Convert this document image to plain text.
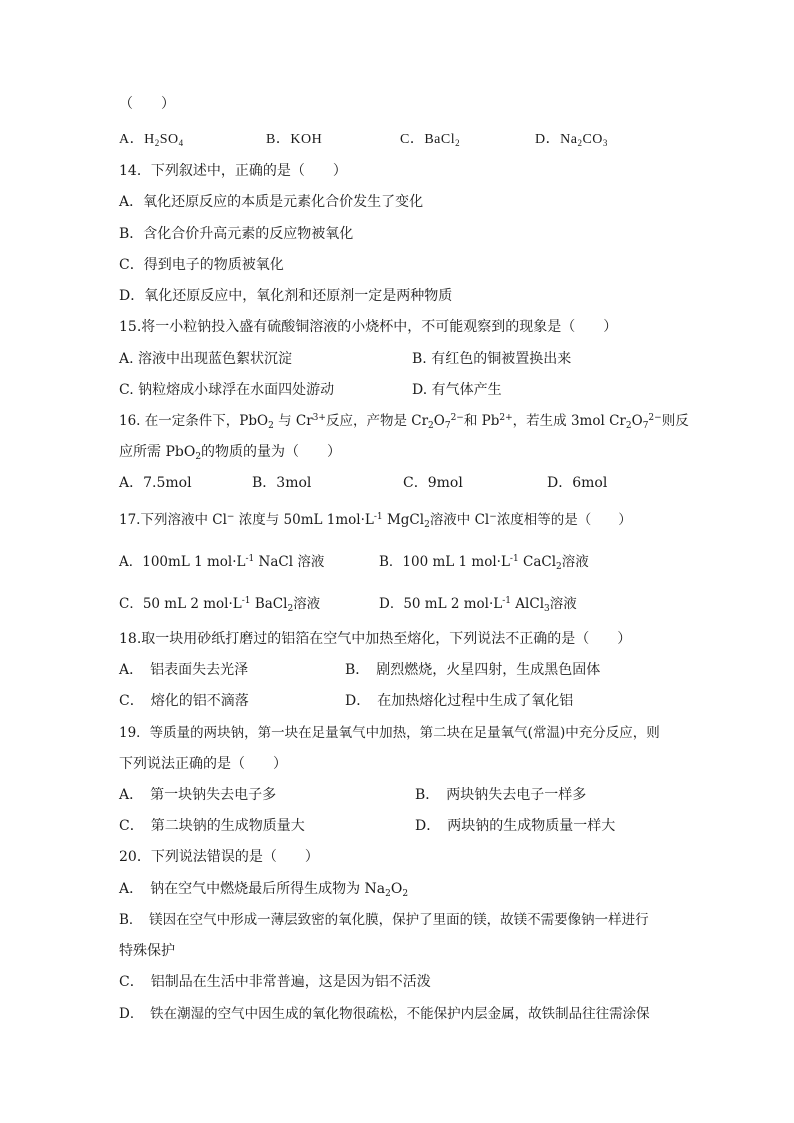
（　　）
A．$H_2SO_4$	B．KOH	C．BaCl$_2$	D．$Na_2CO_3$
14．下列叙述中，正确的是（　　）
A．氧化还原反应的本质是元素化合价发生了变化
B．含化合价升高元素的反应物被氧化
C．得到电子的物质被氧化
D．氧化还原反应中，氧化剂和还原剂一定是两种物质
15.将一小粒钠投入盛有硫酸铜溶液的小烧杯中，不可能观察到的现象是（　　）
A. 溶液中出现蓝色絮状沉淀	B. 有红色的铜被置换出来
C. 钠粒熔成小球浮在水面四处游动	D. 有气体产生
16. 在一定条件下，PbO$_2$ 与 $Cr^{3+}$反应，产物是 $Cr_2O_7^{2-}$和 $Pb^{2+}$，若生成 3mol $Cr_2O_7^{2-}$则反
应所需 PbO$_2$的物质的量为（　　）
A．7.5mol	B．3mol	C．9mol	D．6mol
17.下列溶液中 Cl− 浓度与 50mL $1mol\cdot L^{-1}$ MgCl$_2$溶液中 Cl−浓度相等的是（　　）
A．100mL 1 $mol\cdot L^{-1}$ NaCl 溶液	B．100 mL 1 $mol\cdot L^{-1}$ CaCl$_2$溶液
C．50 mL 2 $mol\cdot L^{-1}$ BaCl$_2$溶液	D．50 mL 2 $mol\cdot L^{-1}$ AlCl$_3$溶液
18.取一块用砂纸打磨过的铝箔在空气中加热至熔化，下列说法不正确的是（　　）
A．　铝表面失去光泽	B．　剧烈燃烧，火星四射，生成黑色固体
C．　熔化的铝不滴落	D．　在加热熔化过程中生成了氧化铝
19．等质量的两块钠，第一块在足量氧气中加热，第二块在足量氧气(常温)中充分反应，则
下列说法正确的是（　　）
A．　第一块钠失去电子多	B．　两块钠失去电子一样多
C．　第二块钠的生成物质量大	D．　两块钠的生成物质量一样大
20．下列说法错误的是（　　）
A．　钠在空气中燃烧最后所得生成物为 $Na_2O_2$
B．　镁因在空气中形成一薄层致密的氧化膜，保护了里面的镁，故镁不需要像钠一样进行
特殊保护
C．　铝制品在生活中非常普遍，这是因为铝不活泼
D．　铁在潮湿的空气中因生成的氧化物很疏松，不能保护内层金属，故铁制品往往需涂保
